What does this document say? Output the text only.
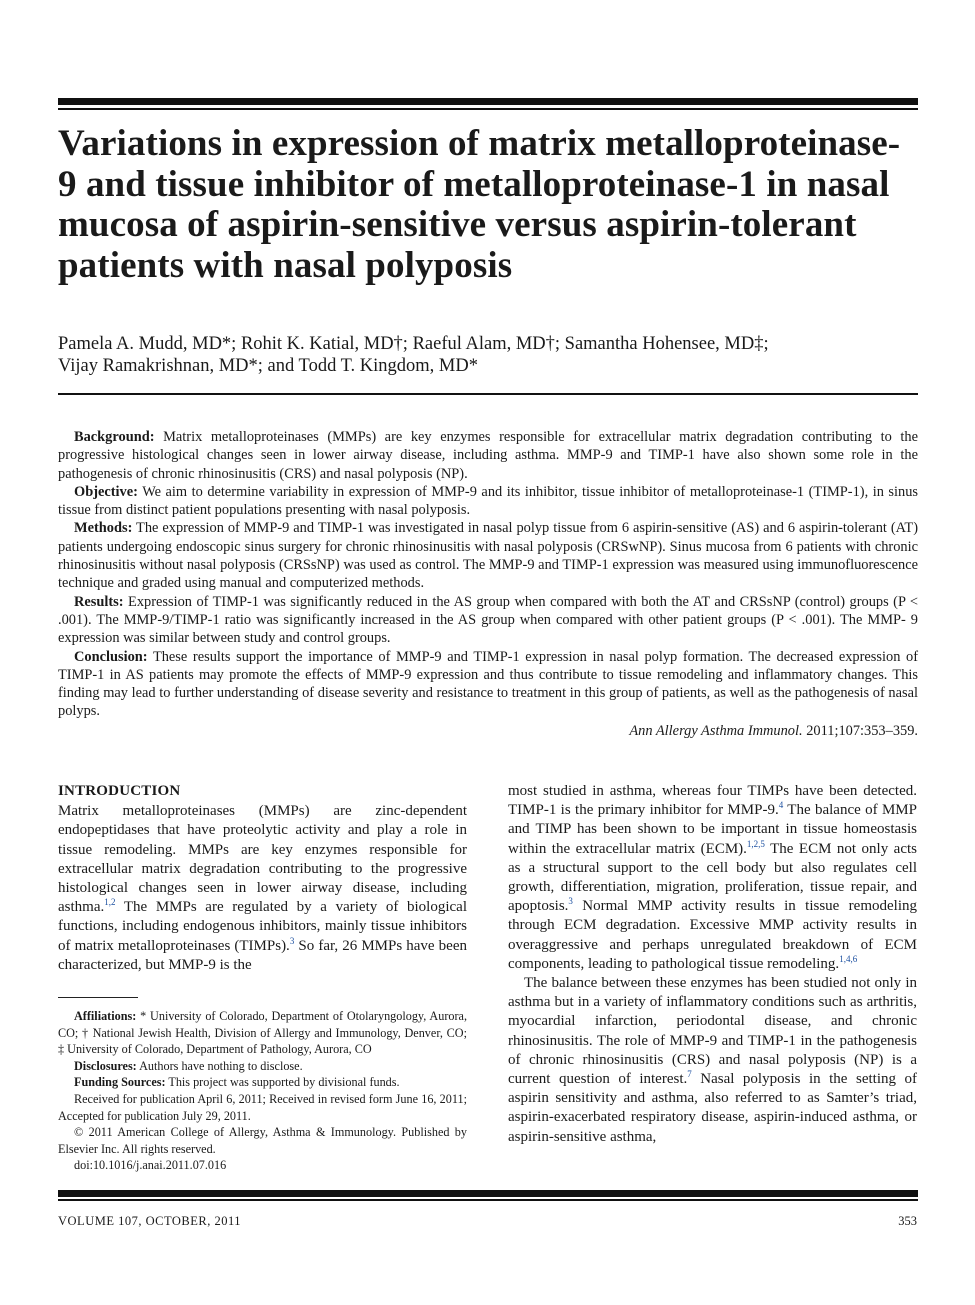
Variations in expression of matrix metalloproteinase-9 and tissue inhibitor of metalloproteinase-1 in nasal mucosa of aspirin-sensitive versus aspirin-tolerant patients with nasal polyposis
Pamela A. Mudd, MD*; Rohit K. Katial, MD†; Raeful Alam, MD†; Samantha Hohensee, MD‡;
Vijay Ramakrishnan, MD*; and Todd T. Kingdom, MD*

Background: Matrix metalloproteinases (MMPs) are key enzymes responsible for extracellular matrix degradation contributing to the progressive histological changes seen in lower airway disease, including asthma. MMP-9 and TIMP-1 have also shown some role in the pathogenesis of chronic rhinosinusitis (CRS) and nasal polyposis (NP).

Objective: We aim to determine variability in expression of MMP-9 and its inhibitor, tissue inhibitor of metalloproteinase-1 (TIMP-1), in sinus tissue from distinct patient populations presenting with nasal polyposis.

Methods: The expression of MMP-9 and TIMP-1 was investigated in nasal polyp tissue from 6 aspirin-sensitive (AS) and 6 aspirin-tolerant (AT) patients undergoing endoscopic sinus surgery for chronic rhinosinusitis with nasal polyposis (CRSwNP). Sinus mucosa from 6 patients with chronic rhinosinusitis without nasal polyposis (CRSsNP) was used as control. The MMP-9 and TIMP-1 expression was measured using immunofluorescence technique and graded using manual and computerized methods.

Results: Expression of TIMP-1 was significantly reduced in the AS group when compared with both the AT and CRSsNP (control) groups (P < .001). The MMP-9/TIMP-1 ratio was significantly increased in the AS group when compared with other patient groups (P < .001). The MMP- 9 expression was similar between study and control groups.

Conclusion: These results support the importance of MMP-9 and TIMP-1 expression in nasal polyp formation. The decreased expression of TIMP-1 in AS patients may promote the effects of MMP-9 expression and thus contribute to tissue remodeling and inflammatory changes. This finding may lead to further understanding of disease severity and resistance to treatment in this group of patients, as well as the pathogenesis of nasal polyps.

Ann Allergy Asthma Immunol. 2011;107:353–359.
INTRODUCTION

Matrix metalloproteinases (MMPs) are zinc-dependent endopeptidases that have proteolytic activity and play a role in tissue remodeling. MMPs are key enzymes responsible for extracellular matrix degradation contributing to the progressive histological changes seen in lower airway disease, including asthma.$^{1,2}$ The MMPs are regulated by a variety of biological functions, including endogenous inhibitors, mainly tissue inhibitors of matrix metalloproteinases (TIMPs).$^3$ So far, 26 MMPs have been characterized, but MMP-9 is the

Affiliations: * University of Colorado, Department of Otolaryngology, Aurora, CO; † National Jewish Health, Division of Allergy and Immunology, Denver, CO; ‡ University of Colorado, Department of Pathology, Aurora, CO

Disclosures: Authors have nothing to disclose.

Funding Sources: This project was supported by divisional funds.

Received for publication April 6, 2011; Received in revised form June 16, 2011; Accepted for publication July 29, 2011.

© 2011 American College of Allergy, Asthma & Immunology. Published by Elsevier Inc. All rights reserved.

doi:10.1016/j.anai.2011.07.016

most studied in asthma, whereas four TIMPs have been detected. TIMP-1 is the primary inhibitor for MMP-9.$^4$ The balance of MMP and TIMP has been shown to be important in tissue homeostasis within the extracellular matrix (ECM).$^{1,2,5}$ The ECM not only acts as a structural support to the cell body but also regulates cell growth, differentiation, migration, proliferation, tissue repair, and apoptosis.$^3$ Normal MMP activity results in tissue remodeling through ECM degradation. Excessive MMP activity results in overaggressive and perhaps unregulated breakdown of ECM components, leading to pathological tissue remodeling.$^{1,4,6}$

The balance between these enzymes has been studied not only in asthma but in a variety of inflammatory conditions such as arthritis, myocardial infarction, periodontal disease, and chronic rhinosinusitis. The role of MMP-9 and TIMP-1 in the pathogenesis of chronic rhinosinusitis (CRS) and nasal polyposis (NP) is a current question of interest.$^7$ Nasal polyposis in the setting of aspirin sensitivity and asthma, also referred to as Samter’s triad, aspirin-exacerbated respiratory disease, aspirin-induced asthma, or aspirin-sensitive asthma,

VOLUME 107, OCTOBER, 2011	353
